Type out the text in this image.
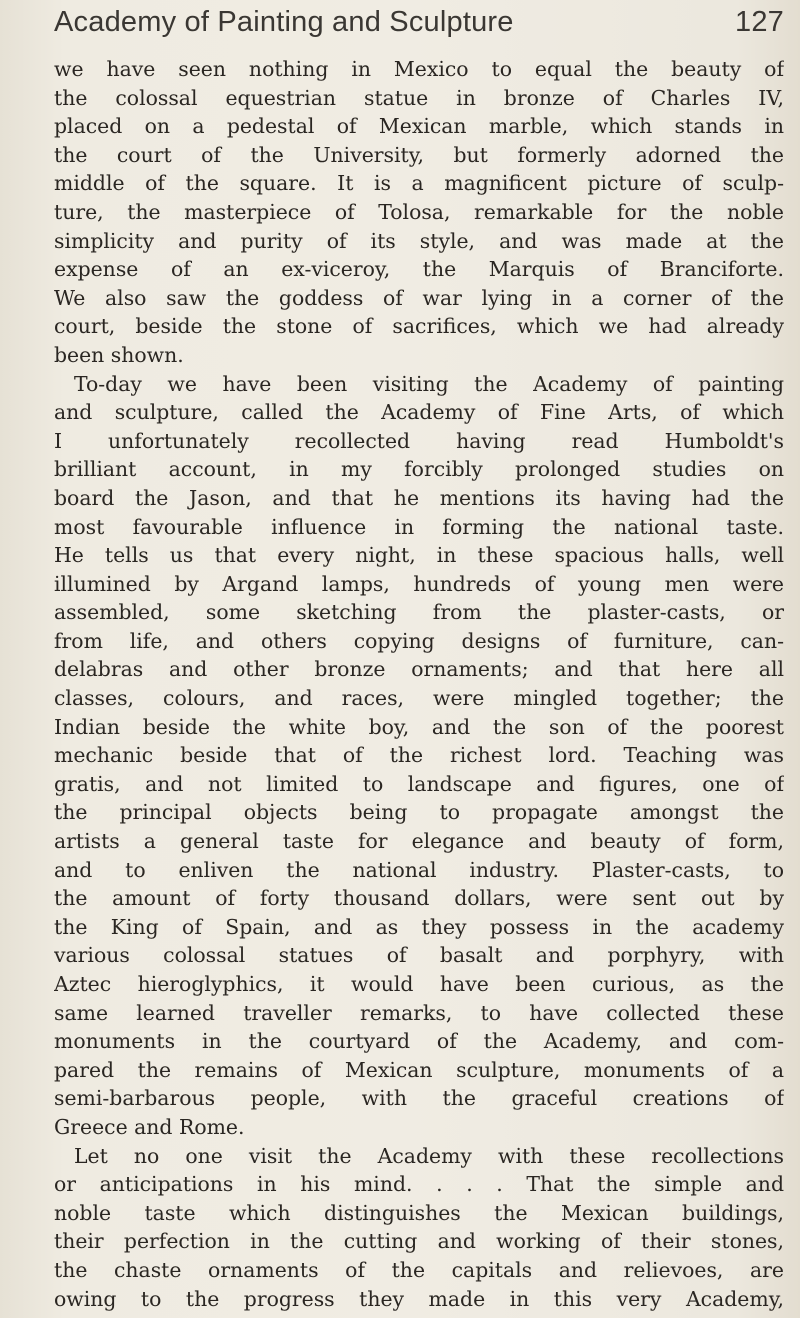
Academy of Painting and Sculpture	127

we have seen nothing in Mexico to equal the beauty of
the colossal equestrian statue in bronze of Charles IV,
placed on a pedestal of Mexican marble, which stands in
the court of the University, but formerly adorned the
middle of the square. It is a magnificent picture of sculp-
ture, the masterpiece of Tolosa, remarkable for the noble
simplicity and purity of its style, and was made at the
expense of an ex-viceroy, the Marquis of Branciforte.
We also saw the goddess of war lying in a corner of the
court, beside the stone of sacrifices, which we had already
been shown.

To-day we have been visiting the Academy of painting
and sculpture, called the Academy of Fine Arts, of which
I unfortunately recollected having read Humboldt's
brilliant account, in my forcibly prolonged studies on
board the Jason, and that he mentions its having had the
most favourable influence in forming the national taste.
He tells us that every night, in these spacious halls, well
illumined by Argand lamps, hundreds of young men were
assembled, some sketching from the plaster-casts, or
from life, and others copying designs of furniture, can-
delabras and other bronze ornaments; and that here all
classes, colours, and races, were mingled together; the
Indian beside the white boy, and the son of the poorest
mechanic beside that of the richest lord. Teaching was
gratis, and not limited to landscape and figures, one of
the principal objects being to propagate amongst the
artists a general taste for elegance and beauty of form,
and to enliven the national industry. Plaster-casts, to
the amount of forty thousand dollars, were sent out by
the King of Spain, and as they possess in the academy
various colossal statues of basalt and porphyry, with
Aztec hieroglyphics, it would have been curious, as the
same learned traveller remarks, to have collected these
monuments in the courtyard of the Academy, and com-
pared the remains of Mexican sculpture, monuments of a
semi-barbarous people, with the graceful creations of
Greece and Rome.

Let no one visit the Academy with these recollections
or anticipations in his mind. . . . That the simple and
noble taste which distinguishes the Mexican buildings,
their perfection in the cutting and working of their stones,
the chaste ornaments of the capitals and relievoes, are
owing to the progress they made in this very Academy,
